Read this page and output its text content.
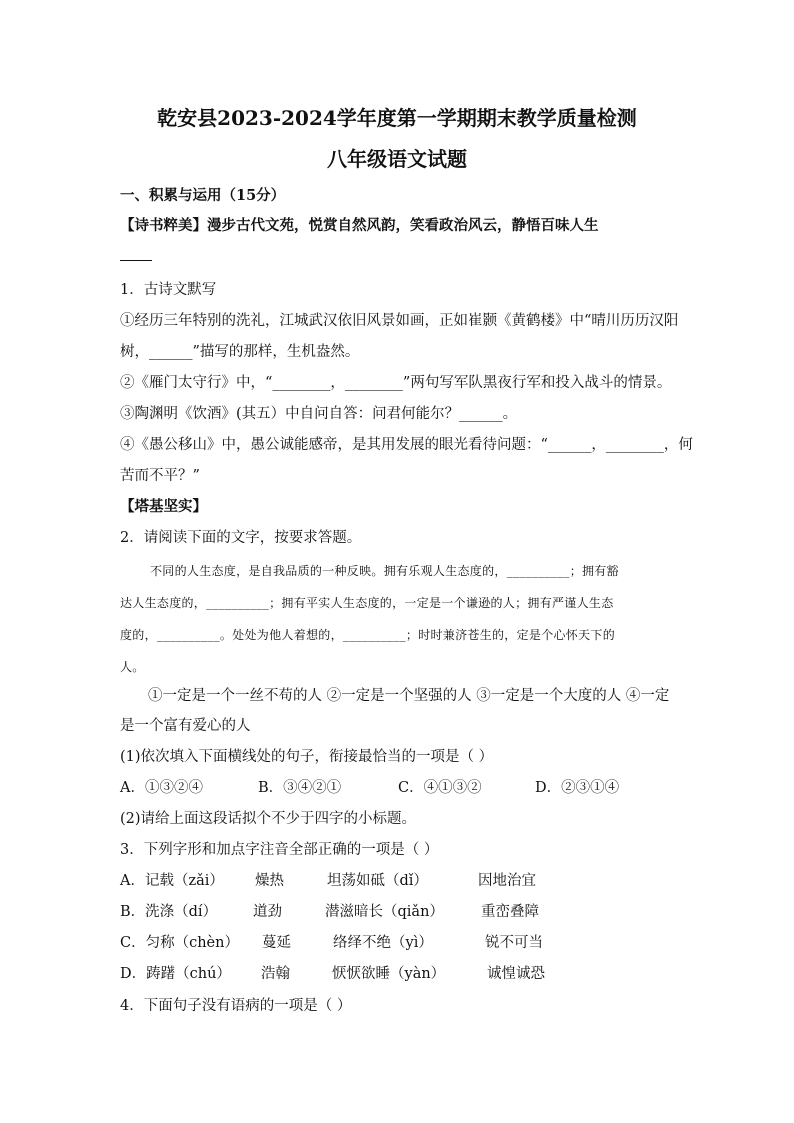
乾安县2023-2024学年度第一学期期末教学质量检测
八年级语文试题
一、积累与运用（15分）
【诗书粹美】漫步古代文苑，悦赏自然风韵，笑看政治风云，静悟百味人生
1．古诗文默写
①经历三年特别的洗礼，江城武汉依旧风景如画，正如崔颢《黄鹤楼》中“晴川历历汉阳
树，______”描写的那样，生机盎然。
②《雁门太守行》中，“________，________”两句写军队黑夜行军和投入战斗的情景。
③陶渊明《饮酒》(其五）中自问自答：问君何能尔？______。
④《愚公移山》中，愚公诚能感帝，是其用发展的眼光看待问题：“______，________，何
苦而不平？”
【塔基坚实】
2．请阅读下面的文字，按要求答题。
不同的人生态度，是自我品质的一种反映。拥有乐观人生态度的，__________；拥有豁
达人生态度的，__________；拥有平实人生态度的，一定是一个谦逊的人；拥有严谨人生态
度的，__________。处处为他人着想的，__________；时时兼济苍生的，定是个心怀天下的
人。
①一定是一个一丝不苟的人 ②一定是一个坚强的人 ③一定是一个大度的人 ④一定
是一个富有爱心的人
(1)依次填入下面横线处的句子，衔接最恰当的一项是（ ）
A．①③②④	B．③④②①	C．④①③②	D．②③①④
(2)请给上面这段话拟个不少于四字的小标题。
3．下列字形和加点字注音全部正确的一项是（ ）
A．记载（zǎi） 燥热	坦荡如砥（dǐ）	因地治宜
B．洗涤（dí） 道劲	潜滋暗长（qiǎn）	重峦叠障
C．匀称（chèn） 蔓延	络绎不绝（yì）	锐不可当
D．踌躇（chú） 浩翰	恹恹欲睡（yàn）	诚惶诚恐
4．下面句子没有语病的一项是（ ）
